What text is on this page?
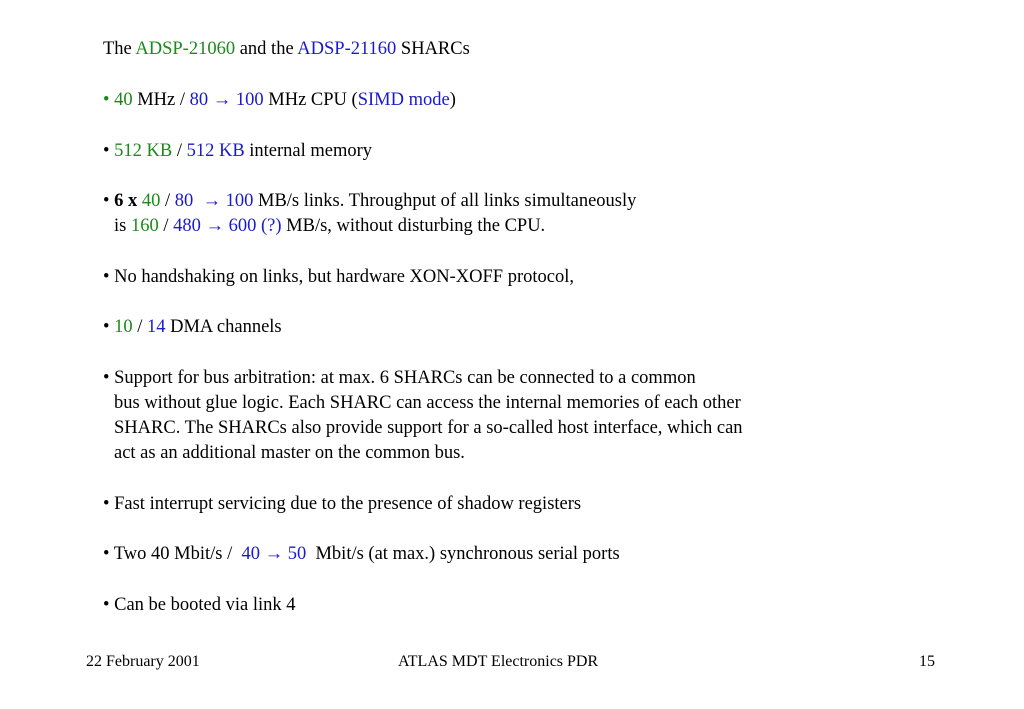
The ADSP-21060 and the ADSP-21160 SHARCs
• 40 MHz / 80 → 100 MHz CPU (SIMD mode)
• 512 KB / 512 KB internal memory
• 6 x 40 / 80 → 100 MB/s links. Throughput of all links simultaneously
is 160 / 480 → 600 (?) MB/s, without disturbing the CPU.
• No handshaking on links, but hardware XON-XOFF protocol,
• 10 / 14 DMA channels
• Support for bus arbitration: at max. 6 SHARCs can be connected to a common
bus without glue logic. Each SHARC can access the internal memories of each other
SHARC. The SHARCs also provide support for a so-called host interface, which can
act as an additional master on the common bus.
• Fast interrupt servicing due to the presence of shadow registers
• Two 40 Mbit/s / 40 → 50 Mbit/s (at max.) synchronous serial ports
• Can be booted via link 4
22 February 2001	ATLAS MDT Electronics PDR	15
